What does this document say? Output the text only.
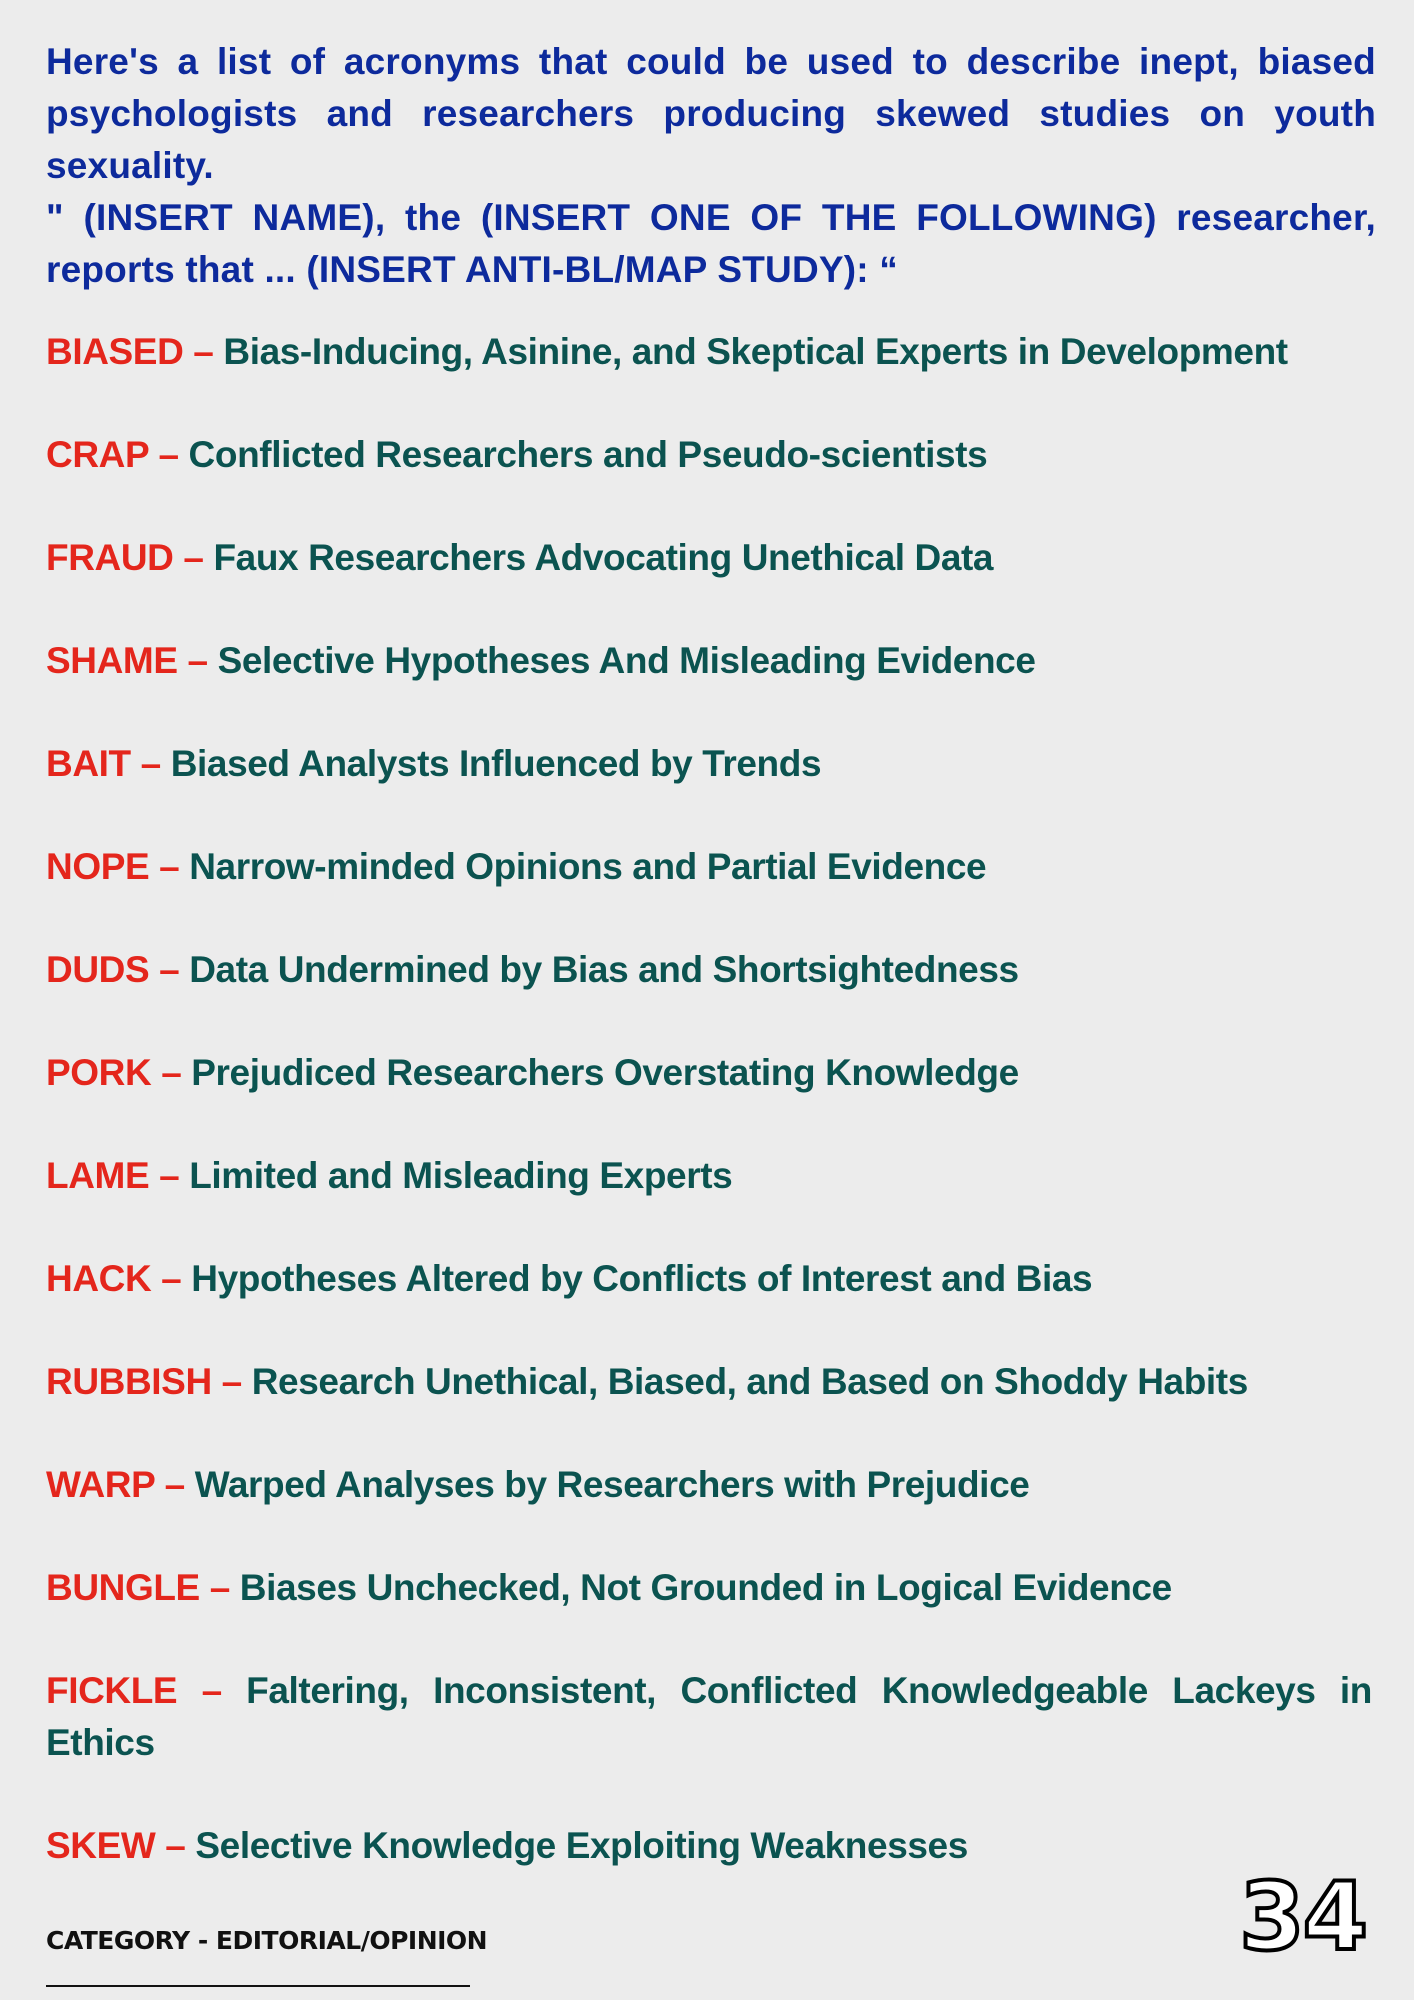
Here's a list of acronyms that could be used to describe inept, biased psychologists and researchers producing skewed studies on youth sexuality.

" (INSERT NAME), the (INSERT ONE OF THE FOLLOWING) researcher, reports that ... (INSERT ANTI-BL/MAP STUDY): “

BIASED – Bias-Inducing, Asinine, and Skeptical Experts in Development

CRAP – Conflicted Researchers and Pseudo-scientists

FRAUD – Faux Researchers Advocating Unethical Data

SHAME – Selective Hypotheses And Misleading Evidence

BAIT – Biased Analysts Influenced by Trends

NOPE – Narrow-minded Opinions and Partial Evidence

DUDS – Data Undermined by Bias and Shortsightedness

PORK – Prejudiced Researchers Overstating Knowledge

LAME – Limited and Misleading Experts

HACK – Hypotheses Altered by Conflicts of Interest and Bias

RUBBISH – Research Unethical, Biased, and Based on Shoddy Habits

WARP – Warped Analyses by Researchers with Prejudice

BUNGLE – Biases Unchecked, Not Grounded in Logical Evidence

FICKLE – Faltering, Inconsistent, Conflicted Knowledgeable Lackeys in Ethics

SKEW – Selective Knowledge Exploiting Weaknesses

CATEGORY - EDITORIAL/OPINION	34
